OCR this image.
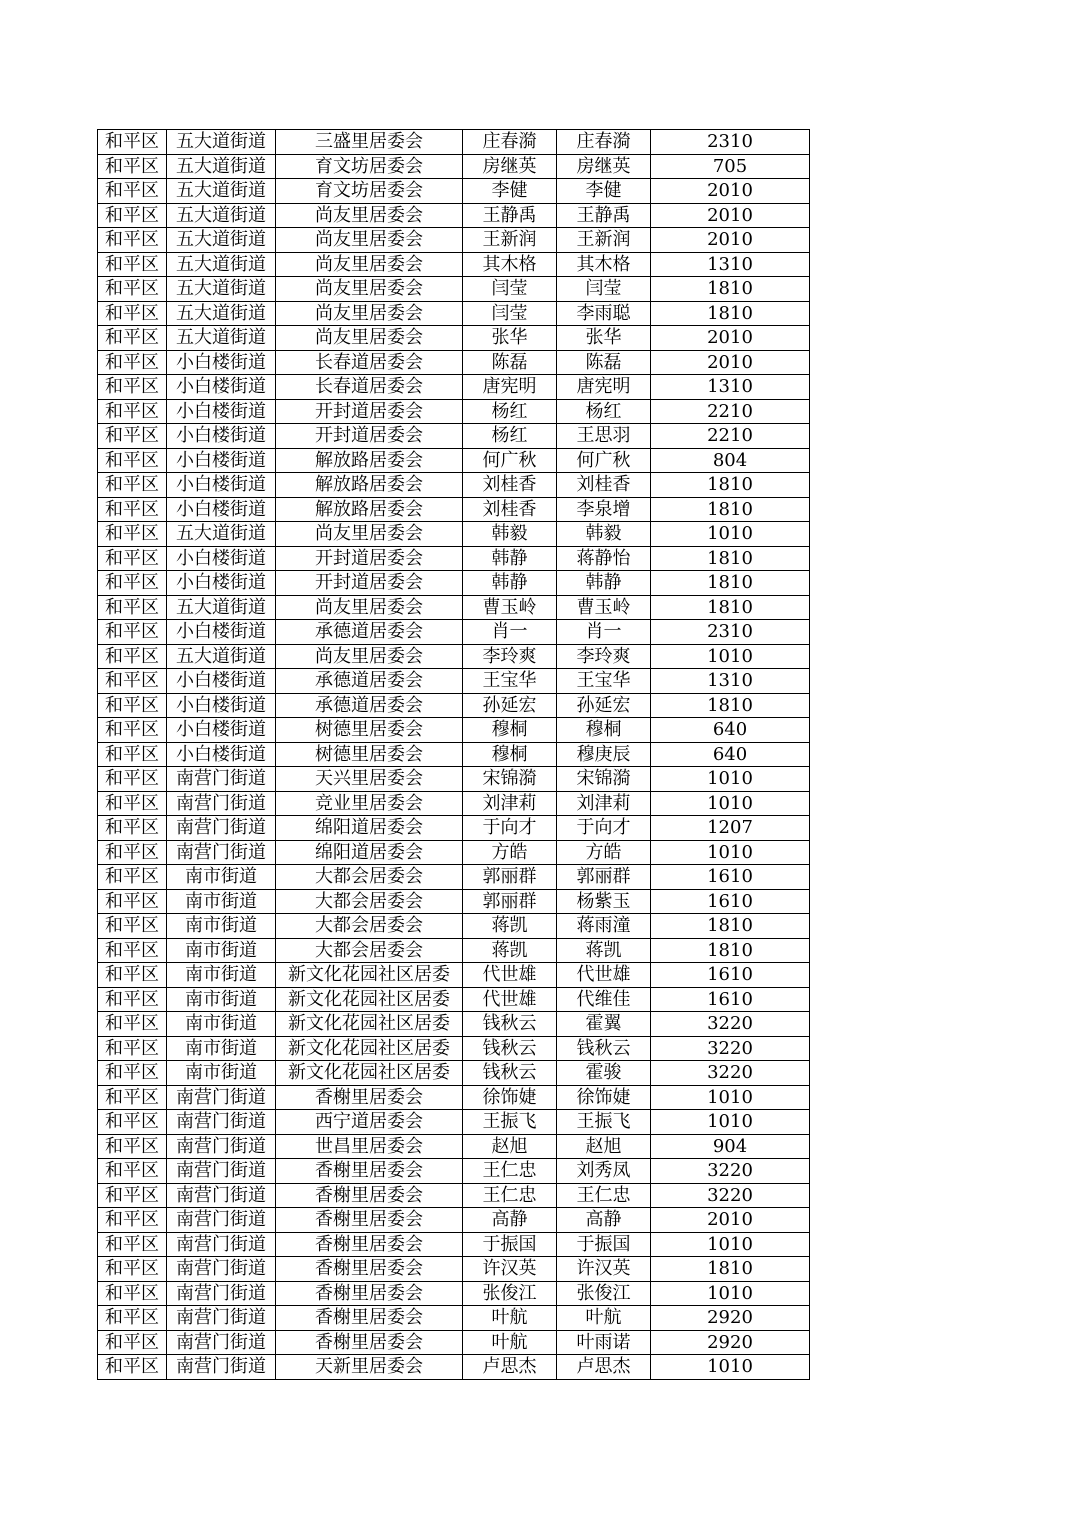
和平区	五大道街道	三盛里居委会	庄春漪	庄春漪	2310
和平区	五大道街道	育文坊居委会	房继英	房继英	705
和平区	五大道街道	育文坊居委会	李健	李健	2010
和平区	五大道街道	尚友里居委会	王静禹	王静禹	2010
和平区	五大道街道	尚友里居委会	王新润	王新润	2010
和平区	五大道街道	尚友里居委会	其木格	其木格	1310
和平区	五大道街道	尚友里居委会	闫莹	闫莹	1810
和平区	五大道街道	尚友里居委会	闫莹	李雨聪	1810
和平区	五大道街道	尚友里居委会	张华	张华	2010
和平区	小白楼街道	长春道居委会	陈磊	陈磊	2010
和平区	小白楼街道	长春道居委会	唐宪明	唐宪明	1310
和平区	小白楼街道	开封道居委会	杨红	杨红	2210
和平区	小白楼街道	开封道居委会	杨红	王思羽	2210
和平区	小白楼街道	解放路居委会	何广秋	何广秋	804
和平区	小白楼街道	解放路居委会	刘桂香	刘桂香	1810
和平区	小白楼街道	解放路居委会	刘桂香	李泉增	1810
和平区	五大道街道	尚友里居委会	韩毅	韩毅	1010
和平区	小白楼街道	开封道居委会	韩静	蒋静怡	1810
和平区	小白楼街道	开封道居委会	韩静	韩静	1810
和平区	五大道街道	尚友里居委会	曹玉岭	曹玉岭	1810
和平区	小白楼街道	承德道居委会	肖一	肖一	2310
和平区	五大道街道	尚友里居委会	李玲爽	李玲爽	1010
和平区	小白楼街道	承德道居委会	王宝华	王宝华	1310
和平区	小白楼街道	承德道居委会	孙延宏	孙延宏	1810
和平区	小白楼街道	树德里居委会	穆桐	穆桐	640
和平区	小白楼街道	树德里居委会	穆桐	穆庚辰	640
和平区	南营门街道	天兴里居委会	宋锦漪	宋锦漪	1010
和平区	南营门街道	竞业里居委会	刘津莉	刘津莉	1010
和平区	南营门街道	绵阳道居委会	于向才	于向才	1207
和平区	南营门街道	绵阳道居委会	方皓	方皓	1010
和平区	南市街道	大都会居委会	郭丽群	郭丽群	1610
和平区	南市街道	大都会居委会	郭丽群	杨紫玉	1610
和平区	南市街道	大都会居委会	蒋凯	蒋雨潼	1810
和平区	南市街道	大都会居委会	蒋凯	蒋凯	1810
和平区	南市街道	新文化花园社区居委	代世雄	代世雄	1610
和平区	南市街道	新文化花园社区居委	代世雄	代维佳	1610
和平区	南市街道	新文化花园社区居委	钱秋云	霍翼	3220
和平区	南市街道	新文化花园社区居委	钱秋云	钱秋云	3220
和平区	南市街道	新文化花园社区居委	钱秋云	霍骏	3220
和平区	南营门街道	香榭里居委会	徐饰婕	徐饰婕	1010
和平区	南营门街道	西宁道居委会	王振飞	王振飞	1010
和平区	南营门街道	世昌里居委会	赵旭	赵旭	904
和平区	南营门街道	香榭里居委会	王仁忠	刘秀凤	3220
和平区	南营门街道	香榭里居委会	王仁忠	王仁忠	3220
和平区	南营门街道	香榭里居委会	高静	高静	2010
和平区	南营门街道	香榭里居委会	于振国	于振国	1010
和平区	南营门街道	香榭里居委会	许汉英	许汉英	1810
和平区	南营门街道	香榭里居委会	张俊江	张俊江	1010
和平区	南营门街道	香榭里居委会	叶航	叶航	2920
和平区	南营门街道	香榭里居委会	叶航	叶雨诺	2920
和平区	南营门街道	天新里居委会	卢思杰	卢思杰	1010
